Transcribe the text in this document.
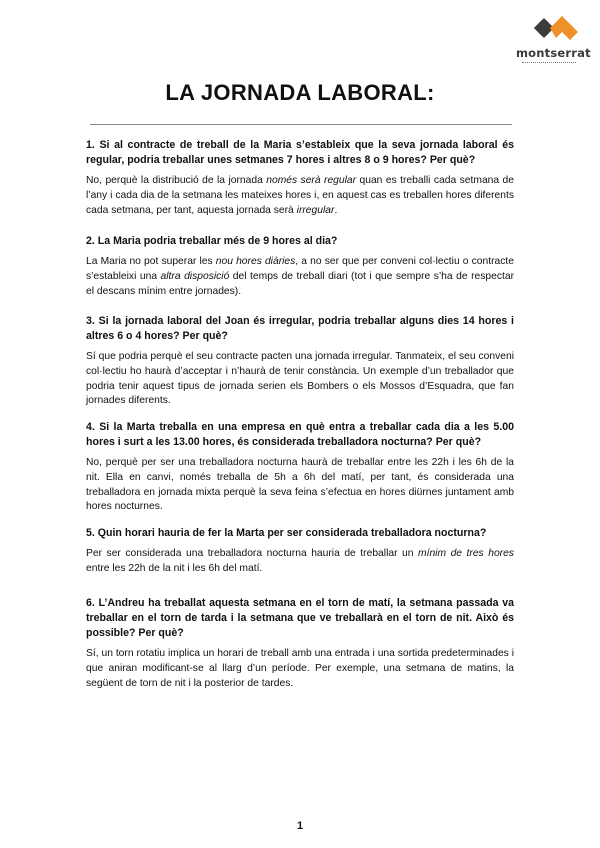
montserrat
LA JORNADA LABORAL:

1. Si al contracte de treball de la Maria s’estableix que la seva jornada laboral és regular, podria treballar unes setmanes 7 hores i altres 8 o 9 hores? Per què?

No, perquè la distribució de la jornada només serà regular quan es treballi cada setmana de l’any i cada dia de la setmana les mateixes hores i, en aquest cas es treballen hores diferents cada setmana, per tant, aquesta jornada serà irregular.

2. La Maria podria treballar més de 9 hores al dia?

La Maria no pot superar les nou hores diàries, a no ser que per conveni col·lectiu o contracte s’estableixi una altra disposició del temps de treball diari (tot i que sempre s’ha de respectar el descans mínim entre jornades).

3. Si la jornada laboral del Joan és irregular, podria treballar alguns dies 14 hores i altres 6 o 4 hores? Per què?

Sí que podria perquè el seu contracte pacten una jornada irregular. Tanmateix, el seu conveni col·lectiu ho haurà d’acceptar i n’haurà de tenir constància. Un exemple d’un treballador que podria tenir aquest tipus de jornada serien els Bombers o els Mossos d’Esquadra, que fan jornades diferents.

4. Si la Marta treballa en una empresa en què entra a treballar cada dia a les 5.00 hores i surt a les 13.00 hores, és considerada treballadora nocturna? Per què?

No, perquè per ser una treballadora nocturna haurà de treballar entre les 22h i les 6h de la nit. Ella en canvi, només treballa de 5h a 6h del matí, per tant, és considerada una treballadora en jornada mixta perquè la seva feina s’efectua en hores diürnes juntament amb hores nocturnes.

5. Quin horari hauria de fer la Marta per ser considerada treballadora nocturna?

Per ser considerada una treballadora nocturna hauria de treballar un mínim de tres hores entre les 22h de la nit i les 6h del matí.

6. L’Andreu ha treballat aquesta setmana en el torn de matí, la setmana passada va treballar en el torn de tarda i la setmana que ve treballarà en el torn de nit. Això és possible? Per què?

Sí, un torn rotatiu implica un horari de treball amb una entrada i una sortida predeterminades i que aniran modificant-se al llarg d’un període. Per exemple, una setmana de matins, la següent de torn de nit i la posterior de tardes.

1
